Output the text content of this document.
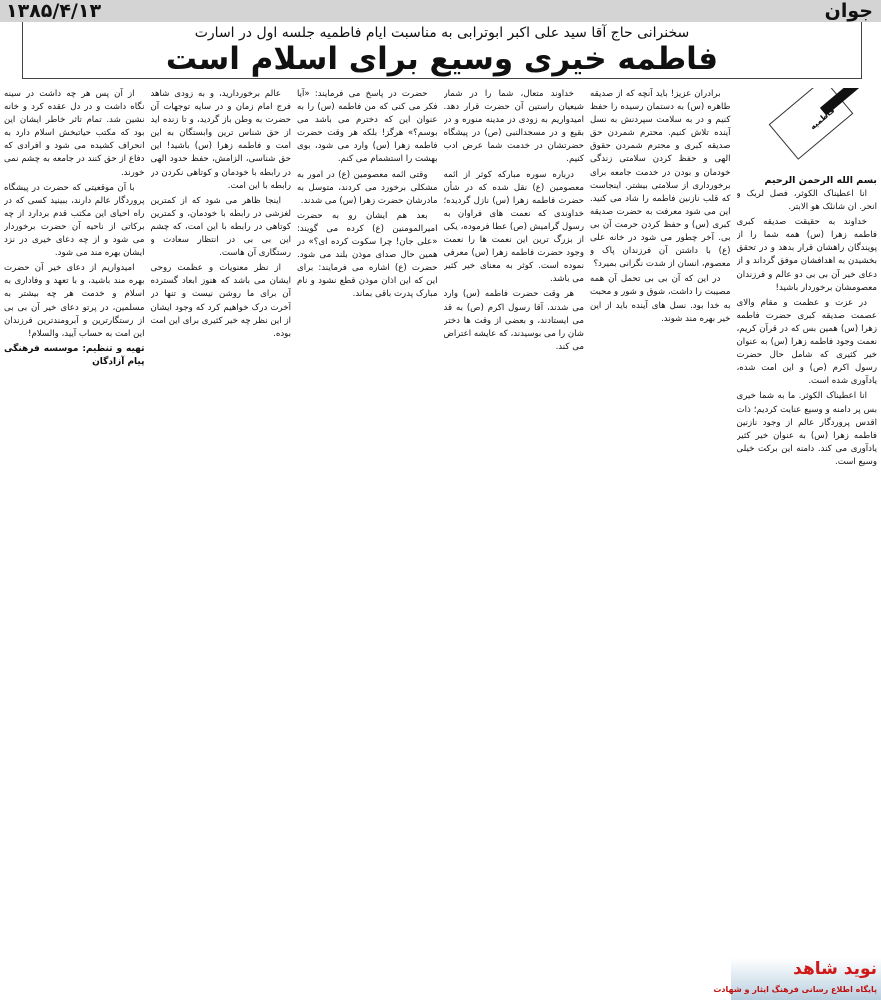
جوان
۱۳۸۵/۴/۱۳
سخنرانی حاج آقا سید علی اکبر ابوترابی به مناسبت ایام فاطمیه جلسه اول در اسارت
فاطمه خیری وسیع برای اسلام است
فاطمیه
بسم الله الرحمن الرحیم

انا اعطیناک الکوثر، فصل لربک و انحر. ان شانئک هو الابتر.

خداوند به حقیقت صدیقه کبری فاطمه زهرا (س) همه شما را از پویندگان راهشان قرار بدهد و در تحقق بخشیدن به اهدافشان موفق گرداند و از دعای خیر آن بی بی دو عالم و فرزندان معصومشان برخوردار باشید!

در عزت و عظمت و مقام والای عصمت صدیقه کبری حضرت فاطمه زهرا (س) همین بس که در قرآن کریم، نعمت وجود فاطمه زهرا (س) به عنوان خیر کثیری که شامل حال حضرت رسول اکرم (ص) و این امت شده، یادآوری شده است.

انا اعطیناک الکوثر. ما به شما خیری بس پر دامنه و وسیع عنایت کردیم؛ ذات اقدس پروردگار عالم از وجود نازنین فاطمه زهرا (س) به عنوان خیر کثیر یادآوری می کند. دامنه این برکت خیلی وسیع است.

برادران عزیز! باید آنچه که از صدیقه طاهره (س) به دستمان رسیده را حفظ کنیم و در به سلامت سپردنش به نسل آینده تلاش کنیم. محترم شمردن حق صدیقه کبری و محترم شمردن حقوق الهی و حفظ کردن سلامتی زندگی خودمان و بودن در خدمت جامعه برای برخورداری از سلامتی بیشتر. اینجاست که قلب نازنین فاطمه را شاد می کنید. این می شود معرفت به حضرت صدیقه کبری (س) و حفظ کردن حرمت آن بی بی. آخر چطور می شود در خانه علی (ع) با داشتن آن فرزندان پاک و معصوم، انسان از شدت نگرانی بمیرد؟

در این که آن بی بی تحمل آن همه مصیبت را داشت، شوق و شور و محبت به خدا بود. نسل های آینده باید از این خیر بهره مند شوند.

خداوند متعال، شما را در شمار شیعیان راستین آن حضرت قرار دهد. امیدواریم به زودی در مدینه منوره و در بقیع و در مسجدالنبی (ص) در پیشگاه حضرتشان در خدمت شما عرض ادب کنیم.

درباره سوره مبارکه کوثر از ائمه معصومین (ع) نقل شده که در شأن حضرت فاطمه زهرا (س) نازل گردیده؛ خداوندی که نعمت های فراوان به رسول گرامیش (ص) عطا فرموده، یکی از بزرگ ترین این نعمت ها را نعمت وجود حضرت فاطمه زهرا (س) معرفی نموده است. کوثر به معنای خیر کثیر می باشد.

هر وقت حضرت فاطمه (س) وارد می شدند، آقا رسول اکرم (ص) به قد می ایستادند، و بعضی از وقت ها دختر شان را می بوسیدند، که عایشه اعتراض می کند.

حضرت در پاسخ می فرمایند: «آیا فکر می کنی که من فاطمه (س) را به عنوان این که دخترم می باشد می بوسم؟» هرگز! بلکه هر وقت حضرت فاطمه زهرا (س) وارد می شود، بوی بهشت را استشمام می کنم.

وقتی ائمه معصومین (ع) در امور به مشکلی برخورد می کردند، متوسل به مادرشان حضرت زهرا (س) می شدند.

بعد هم ایشان رو به حضرت امیرالمومنین (ع) کرده می گویند: «علی جان! چرا سکوت کرده ای؟» در همین حال صدای موذن بلند می شود. حضرت (ع) اشاره می فرمایند: برای این که این اذان موذن قطع نشود و نام مبارک پدرت باقی بماند.

عالم برخوردارید، و به زودی شاهد فرج امام زمان و در سایه توجهات آن حضرت به وطن باز گردید، و تا زنده اید از حق شناس ترین وابستگان به این امت و فاطمه زهرا (س) باشید! این حق شناسی، الزامش، حفظ حدود الهی در رابطه با خودمان و کوتاهی نکردن در رابطه با این امت.

اینجا ظاهر می شود که از کمترین لغزشی در رابطه با خودمان، و کمترین کوتاهی در رابطه با این امت، که چشم این بی بی در انتظار سعادت و رستگاری آن هاست.

از نظر معنویات و عظمت روحی ایشان می باشد که هنوز ابعاد گسترده آن برای ما روشن نیست و تنها در آخرت درک خواهیم کرد که وجود ایشان از این نظر چه خیر کثیری برای این امت بوده.

از آن پس هر چه داشت در سینه نگاه داشت و در دل عقده کرد و خانه نشین شد. تمام تاثر خاطر ایشان این بود که مکتب حیاتبخش اسلام دارد به انحراف کشیده می شود و افرادی که دفاع از حق کنند در جامعه به چشم نمی خورند.

با آن موقعیتی که حضرت در پیشگاه پروردگار عالم دارند، ببینید کسی که در راه احیای این مکتب قدم بردارد از چه برکاتی از ناحیه آن حضرت برخوردار می شود و از چه دعای خیری در نزد ایشان بهره مند می شود.

امیدواریم از دعای خیر آن حضرت بهره مند باشید، و با تعهد و وفاداری به اسلام و خدمت هر چه بیشتر به مسلمین، در پرتو دعای خیر آن بی بی از رستگارترین و آبرومندترین فرزندان این امت به حساب آیید، والسلام!

تهیه و تنظیم: موسسه فرهنگی پیام آزادگان

نوید شاهد
پایگاه اطلاع رسانی فرهنگ ایثار و شهادت
